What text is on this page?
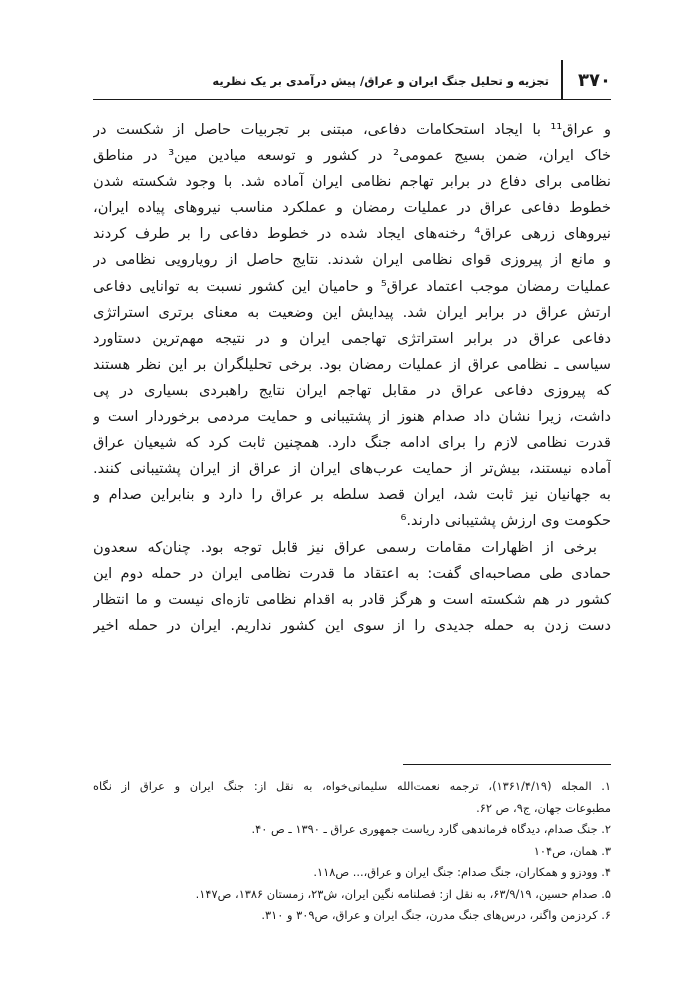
۳۷۰
تجزیه و تحلیل جنگ ایران و عراق/ پیش درآمدی بر یک نظریه
و عراق¹¹ با ایجاد استحکامات دفاعی، مبتنی بر تجربیات حاصل از شکست در
خاک ایران، ضمن بسیج عمومی² در کشور و توسعه میادین مین³ در مناطق
نظامی برای دفاع در برابر تهاجم نظامی ایران آماده شد. با وجود شکسته شدن
خطوط دفاعی عراق در عملیات رمضان و عملکرد مناسب نیروهای پیاده ایران،
نیروهای زرهی عراق⁴ رخنه‌های ایجاد شده در خطوط دفاعی را بر طرف کردند
و مانع از پیروزی قوای نظامی ایران شدند. نتایج حاصل از رویارویی نظامی در
عملیات رمضان موجب اعتماد عراق⁵ و حامیان این کشور نسبت به توانایی دفاعی
ارتش عراق در برابر ایران شد. پیدایش این وضعیت به معنای برتری استراتژی
دفاعی عراق در برابر استراتژی تهاجمی ایران و در نتیجه مهم‌ترین دستاورد
سیاسی ـ نظامی عراق از عملیات رمضان بود. برخی تحلیلگران بر این نظر هستند
که پیروزی دفاعی عراق در مقابل تهاجم ایران نتایج راهبردی بسیاری در پی
داشت، زیرا نشان داد صدام هنوز از پشتیبانی و حمایت مردمی برخوردار است و
قدرت نظامی لازم را برای ادامه جنگ دارد. همچنین ثابت کرد که شیعیان عراق
آماده نیستند، بیش‌تر از حمایت عرب‌های ایران از عراق از ایران پشتیبانی کنند.
به جهانیان نیز ثابت شد، ایران قصد سلطه بر عراق را دارد و بنابراین صدام و
حکومت وی ارزش پشتیبانی دارند.⁶
برخی از اظهارات مقامات رسمی عراق نیز قابل توجه بود. چنان‌که سعدون
حمادی طی مصاحبه‌ای گفت: به اعتقاد ما قدرت نظامی ایران در حمله دوم این
کشور در هم شکسته است و هرگز قادر به اقدام نظامی تازه‌ای نیست و ما انتظار
دست زدن به حمله جدیدی را از سوی این کشور نداریم. ایران در حمله اخیر
۱. المجله (۱۳۶۱/۴/۱۹)، ترجمه نعمت‌الله سلیمانی‌خواه، به نقل از: جنگ ایران و عراق از نگاه
مطبوعات جهان، ج۹، ص ۶۲.
۲. جنگ صدام، دیدگاه فرماندهی گارد ریاست جمهوری عراق ـ ۱۳۹۰ ـ ص ۴۰.
۳. همان، ص۱۰۴
۴. وودزو و همکاران، جنگ صدام: جنگ ایران و عراق،... ص۱۱۸.
۵. صدام حسین، ۶۳/۹/۱۹، به نقل از: فصلنامه نگین ایران، ش۲۳، زمستان ۱۳۸۶، ص۱۴۷.
۶. کردزمن واگنر، درس‌های جنگ مدرن، جنگ ایران و عراق، ص۳۰۹ و ۳۱۰.
